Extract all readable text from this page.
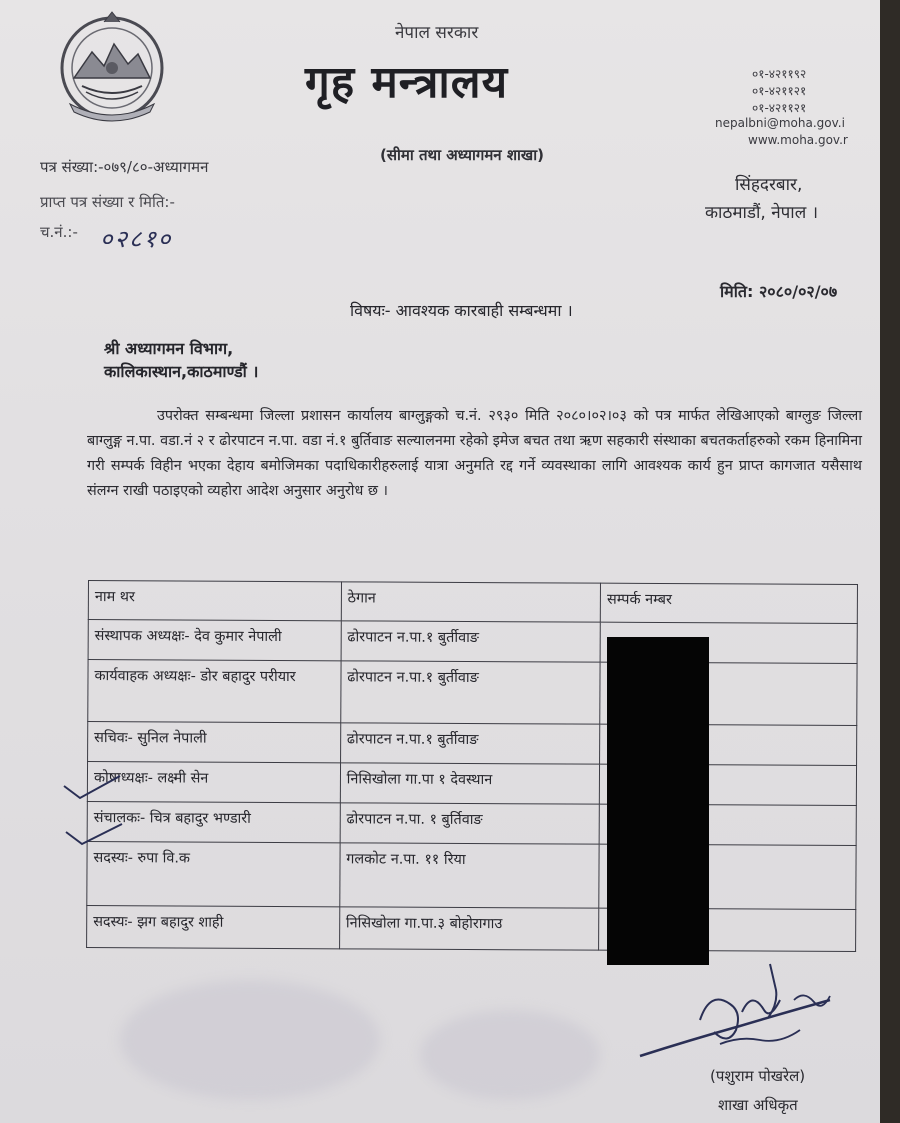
नेपाल सरकार
गृह मन्त्रालय
(सीमा तथा अध्यागमन शाखा)
०१-४२११९२
०१-४२११२१
०१-४२११२१
nepalbni@moha.gov.i
www.moha.gov.r
सिंहदरबार,
काठमाडौं, नेपाल ।
पत्र संख्या:-०७९/८०-अध्यागमन
प्राप्त पत्र संख्या र मिति:-
च.नं.:- ०२८१०
मिति: २०८०/०२/०७
विषयः- आवश्यक कारबाही सम्बन्धमा ।
श्री अध्यागमन विभाग,
कालिकास्थान,काठमाण्डौं ।
उपरोक्त सम्बन्धमा जिल्ला प्रशासन कार्यालय बाग्लुङ्गको च.नं. २९३० मिति २०८०।०२।०३ को पत्र मार्फत लेखिआएको बाग्लुङ जिल्ला बाग्लुङ्ग न.पा. वडा.नं २ र ढोरपाटन न.पा. वडा नं.१ बुर्तिवाङ सल्यालनमा रहेको इमेज बचत तथा ऋण सहकारी संस्थाका बचतकर्ताहरुको रकम हिनामिना गरी सम्पर्क विहीन भएका देहाय बमोजिमका पदाधिकारीहरुलाई यात्रा अनुमति रद्द गर्ने व्यवस्थाका लागि आवश्यक कार्य हुन प्राप्त कागजात यसैसाथ संलग्न राखी पठाइएको व्यहोरा आदेश अनुसार अनुरोध छ ।
नाम थर	ठेगान	सम्पर्क नम्बर
संस्थापक अध्यक्षः- देव कुमार नेपाली	ढोरपाटन न.पा.१ बुर्तीवाङ	
कार्यवाहक अध्यक्षः- डोर बहादुर परीयार	ढोरपाटन न.पा.१ बुर्तीवाङ	
सचिवः- सुनिल नेपाली	ढोरपाटन न.पा.१ बुर्तीवाङ	
कोषाध्यक्षः- लक्ष्मी सेन	निसिखोला गा.पा १ देवस्थान	
संचालकः- चित्र बहादुर भण्डारी	ढोरपाटन न.पा. १ बुर्तिवाङ	
सदस्यः- रुपा वि.क	गलकोट न.पा. ११ रिया	
सदस्यः- झग बहादुर शाही	निसिखोला गा.पा.३ बोहोरागाउ	
(पशुराम पोखरेल)
शाखा अधिकृत
